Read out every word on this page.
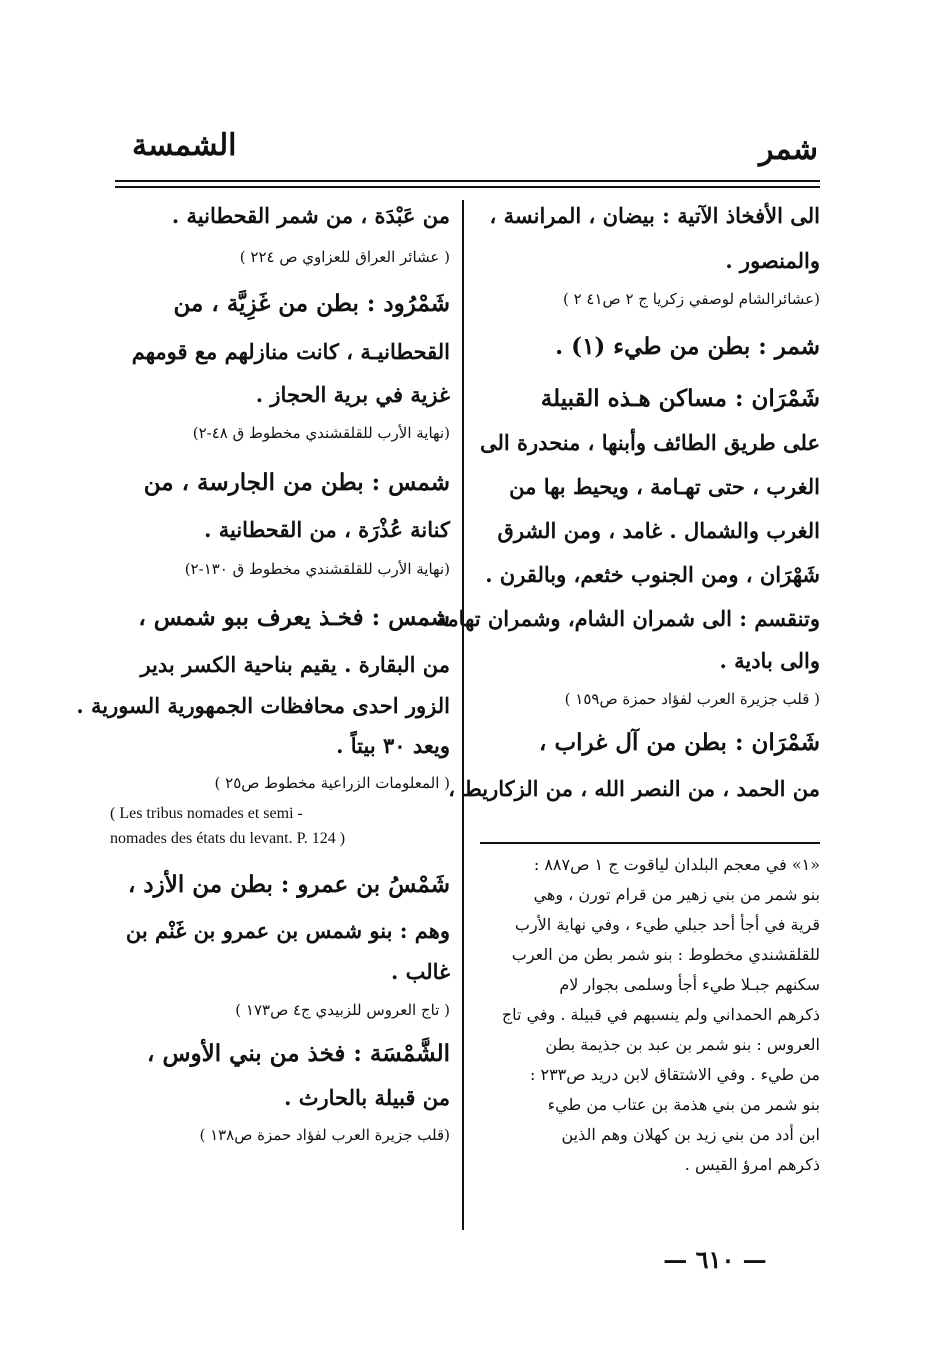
الشمسة	شمر
الى الأفخاذ الآتية : بيضان ، المرانسة ،
والمنصور .
(عشائرالشام لوصفي زكريا ج ٢ ص٤١ ٢ )
شمر : بطن من طيء (١) .
شَمْرَان : مساكن هـذه القبيلة
على طريق الطائف وأبنها ، منحدرة الى
الغرب ، حتى تهـامة ، ويحيط بها من
الغرب والشمال . غامد ، ومن الشرق
شَهْرَان ، ومن الجنوب خثعم، وبالقرن .
وتنقسم : الى شمران الشام، وشمران تهامة ،
والى بادية .
( قلب جزيرة العرب لفؤاد حمزة ص١٥٩ )
شَمْرَان : بطن من آل غراب ،
من الحمد ، من النصر الله ، من الزكاريط ،
«١» في معجم البلدان لياقوت ج ١ ص٨٨٧ :
بنو شمر من بني زهير من قرام تورن ، وهي
قرية في أجأ أحد جبلي طيء ، وفي نهاية الأرب
للقلقشندي مخطوط : بنو شمر بطن من العرب
سكنهم جبـلا طيء أجأ وسلمى بجوار لام
ذكرهم الحمداني ولم ينسبهم في قبيلة . وفي تاج
العروس : بنو شمر بن عبد بن جذيمة بطن
من طيء . وفي الاشتقاق لابن دريد ص٢٣٣ :
بنو شمر من بني هذمة بن عتاب من طيء
ابن أدد من بني زيد بن كهلان وهم الذين
ذكرهم امرؤ القيس .
من عَبْدَة ، من شمر القحطانية .
( عشائر العراق للعزاوي ص ٢٢٤ )
شَمْرُود : بطن من غَزِيَّة ، من
القحطانيـة ، كانت منازلهم مع قومهم
غزية في برية الحجاز .
(نهاية الأرب للقلقشندي مخطوط ق ٤٨-٢)
شمس : بطن من الجارسة ، من
كنانة عُذْرَة ، من القحطانية .
(نهاية الأرب للقلقشندي مخطوط ق ١٣٠-٢)
شمس : فخـذ يعرف ببو شمس ،
من البقارة . يقيم بناحية الكسر بدير
الزور احدى محافظات الجمهورية السورية .
ويعد ٣٠ بيتاً .
( المعلومات الزراعية مخطوط ص٢٥ )
( Les tribus nomades et semi -
nomades des états du levant. P. 124 )
شَمْسُ بن عمرو : بطن من الأزد ،
وهم : بنو شمس بن عمرو بن غَنْم بن
غالب .
( تاج العروس للزبيدي ج٤ ص١٧٣ )
الشَّمْسَة : فخذ من بني الأوس ،
من قبيلة بالحارث .
(قلب جزيرة العرب لفؤاد حمزة ص١٣٨ )
— ٦١٠ —
